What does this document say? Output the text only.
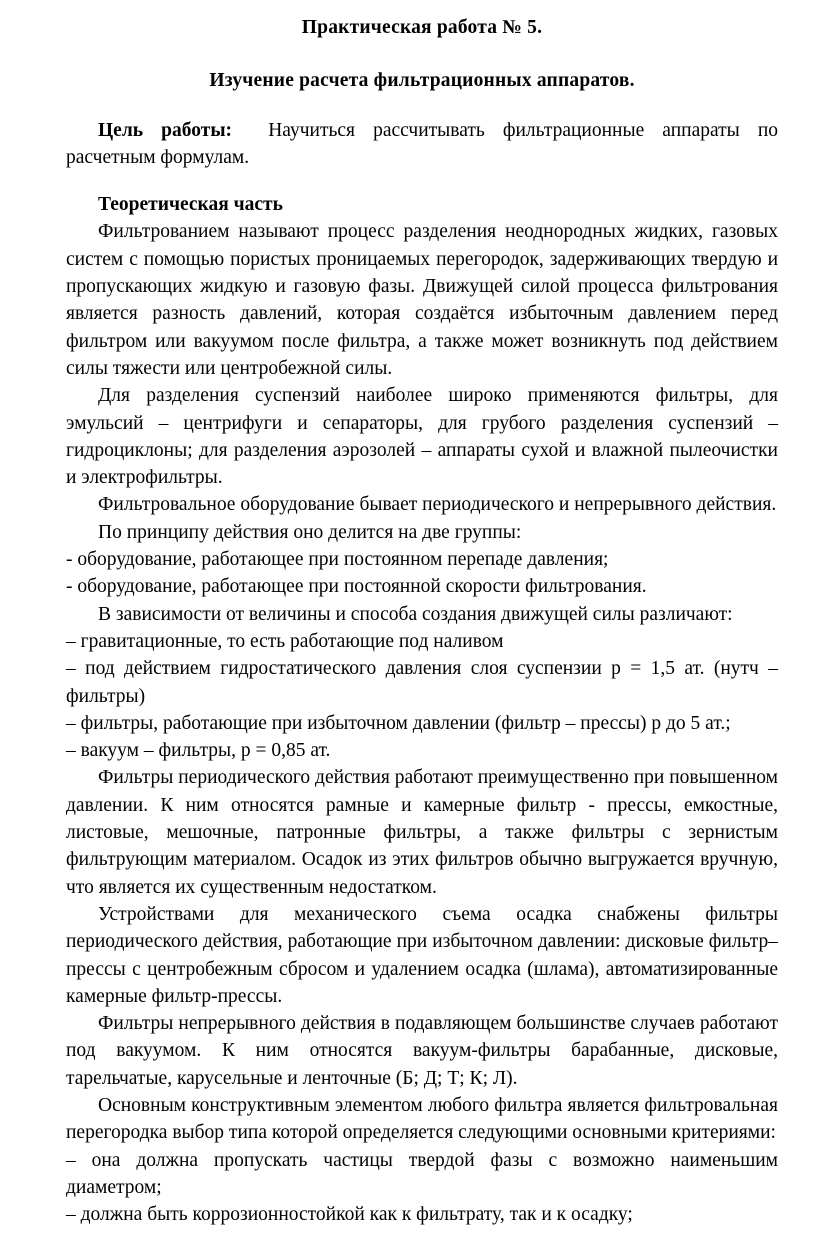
Практическая работа № 5.
Изучение расчета фильтрационных аппаратов.

Цель работы: Научиться рассчитывать фильтрационные аппараты по расчетным формулам.

Теоретическая часть

Фильтрованием называют процесс разделения неоднородных жидких, газовых систем с помощью пористых проницаемых перегородок, задерживающих твердую и пропускающих жидкую и газовую фазы. Движущей силой процесса фильтрования является разность давлений, которая создаётся избыточным давлением перед фильтром или вакуумом после фильтра, а также может возникнуть под действием силы тяжести или центробежной силы.

Для разделения суспензий наиболее широко применяются фильтры, для эмульсий – центрифуги и сепараторы, для грубого разделения суспензий – гидроциклоны; для разделения аэрозолей – аппараты сухой и влажной пылеочистки и электрофильтры.

Фильтровальное оборудование бывает периодического и непрерывного действия.

По принципу действия оно делится на две группы:

- оборудование, работающее при постоянном перепаде давления;

- оборудование, работающее при постоянной скорости фильтрования.

В зависимости от величины и способа создания движущей силы различают:

– гравитационные, то есть работающие под наливом

– под действием гидростатического давления слоя суспензии р = 1,5 ат. (нутч – фильтры)

– фильтры, работающие при избыточном давлении (фильтр – прессы) р до 5 ат.;

– вакуум – фильтры, р = 0,85 ат.

Фильтры периодического действия работают преимущественно при повышенном давлении. К ним относятся рамные и камерные фильтр - прессы, емкостные, листовые, мешочные, патронные фильтры, а также фильтры с зернистым фильтрующим материалом. Осадок из этих фильтров обычно выгружается вручную, что является их существенным недостатком.

Устройствами для механического съема осадка снабжены фильтры периодического действия, работающие при избыточном давлении: дисковые фильтр–прессы с центробежным сбросом и удалением осадка (шлама), автоматизированные камерные фильтр-прессы.

Фильтры непрерывного действия в подавляющем большинстве случаев работают под вакуумом. К ним относятся вакуум-фильтры барабанные, дисковые, тарельчатые, карусельные и ленточные (Б; Д; Т; К; Л).

Основным конструктивным элементом любого фильтра является фильтровальная перегородка выбор типа которой определяется следующими основными критериями:

– она должна пропускать частицы твердой фазы с возможно наименьшим диаметром;

– должна быть коррозионностойкой как к фильтрату, так и к осадку;
